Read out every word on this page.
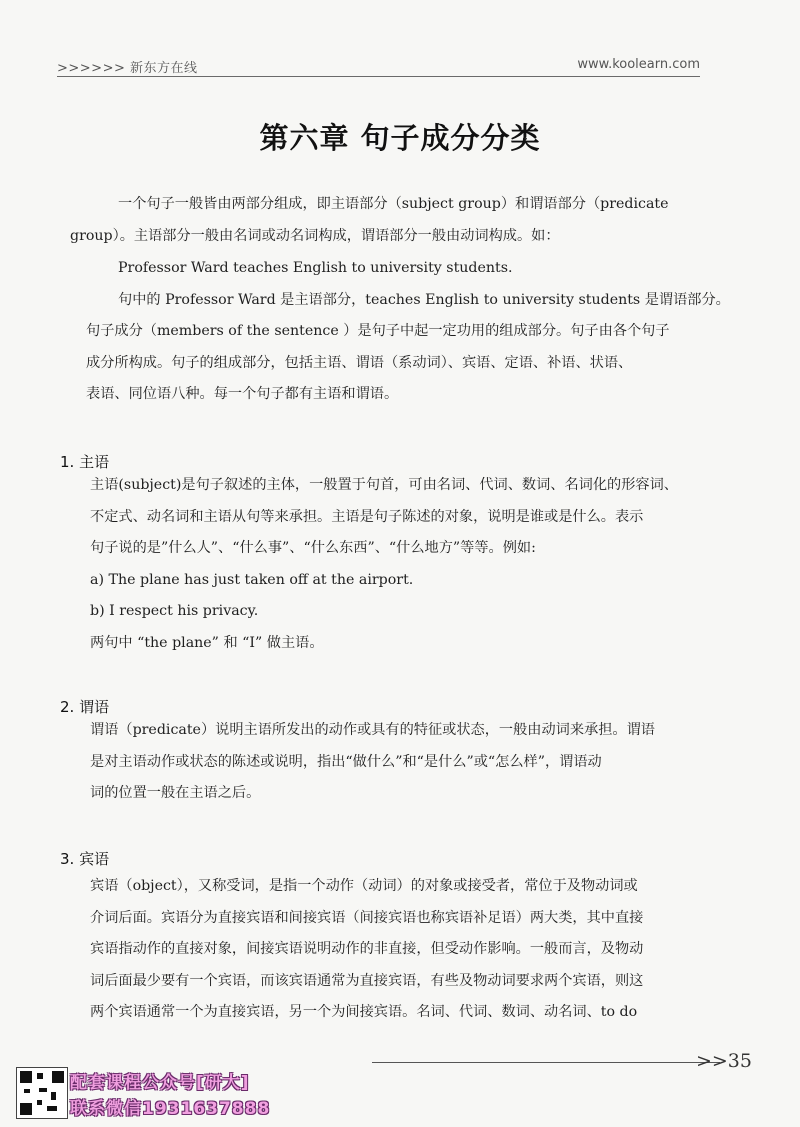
>>>>>> 新东方在线	www.koolearn.com
第六章 句子成分分类
一个句子一般皆由两部分组成，即主语部分（subject group）和谓语部分（predicate
group）。主语部分一般由名词或动名词构成，谓语部分一般由动词构成。如：
Professor Ward teaches English to university students.
句中的 Professor Ward 是主语部分，teaches English to university students 是谓语部分。
句子成分（members of the sentence ）是句子中起一定功用的组成部分。句子由各个句子
成分所构成。句子的组成部分，包括主语、谓语（系动词）、宾语、定语、补语、状语、
表语、同位语八种。每一个句子都有主语和谓语。
1. 主语
主语(subject)是句子叙述的主体，一般置于句首，可由名词、代词、数词、名词化的形容词、
不定式、动名词和主语从句等来承担。主语是句子陈述的对象，说明是谁或是什么。表示
句子说的是”什么人”、“什么事”、“什么东西”、“什么地方”等等。例如:
a) The plane has just taken off at the airport.
b) I respect his privacy.
两句中 “the plane” 和 “I” 做主语。
2. 谓语
谓语（predicate）说明主语所发出的动作或具有的特征或状态，一般由动词来承担。谓语
是对主语动作或状态的陈述或说明，指出“做什么”和“是什么”或“怎么样”，谓语动
词的位置一般在主语之后。
3. 宾语
宾语（object），又称受词，是指一个动作（动词）的对象或接受者，常位于及物动词或
介词后面。宾语分为直接宾语和间接宾语（间接宾语也称宾语补足语）两大类，其中直接
宾语指动作的直接对象，间接宾语说明动作的非直接，但受动作影响。一般而言，及物动
词后面最少要有一个宾语，而该宾语通常为直接宾语，有些及物动词要求两个宾语，则这
两个宾语通常一个为直接宾语，另一个为间接宾语。名词、代词、数词、动名词、to do
>>35
配套课程公众号[研大]
联系微信1931637888
